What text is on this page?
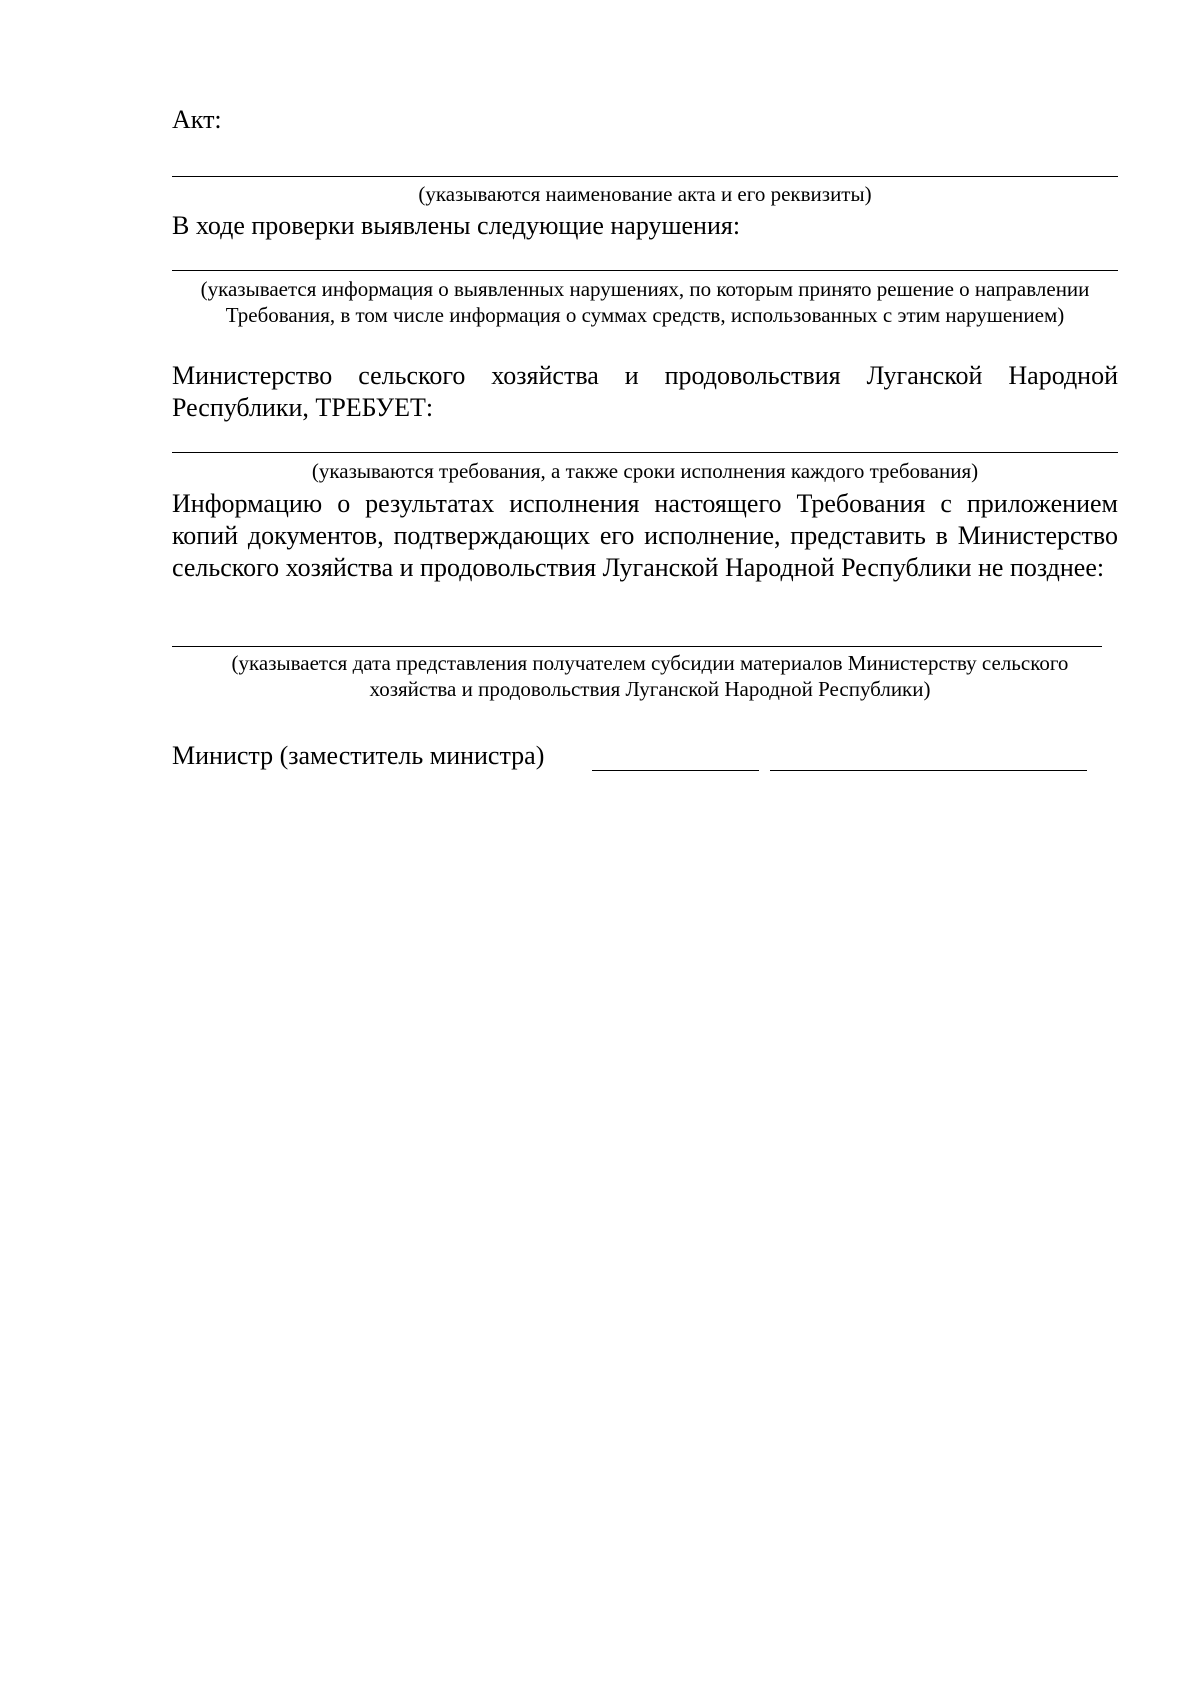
Акт:

(указываются наименование акта и его реквизиты)

В ходе проверки выявлены следующие нарушения:

(указывается информация о выявленных нарушениях, по которым принято решение о направлении Требования, в том числе информация о суммах средств, использованных с этим нарушением)

Министерство сельского хозяйства и продовольствия Луганской Народной Республики, ТРЕБУЕТ:

(указываются требования, а также сроки исполнения каждого требования)

Информацию о результатах исполнения настоящего Требования с приложением копий документов, подтверждающих его исполнение, представить в Министерство сельского хозяйства и продовольствия Луганской Народной Республики не позднее:

(указывается дата представления получателем субсидии материалов Министерству сельского хозяйства и продовольствия Луганской Народной Республики)

Министр (заместитель министра)
